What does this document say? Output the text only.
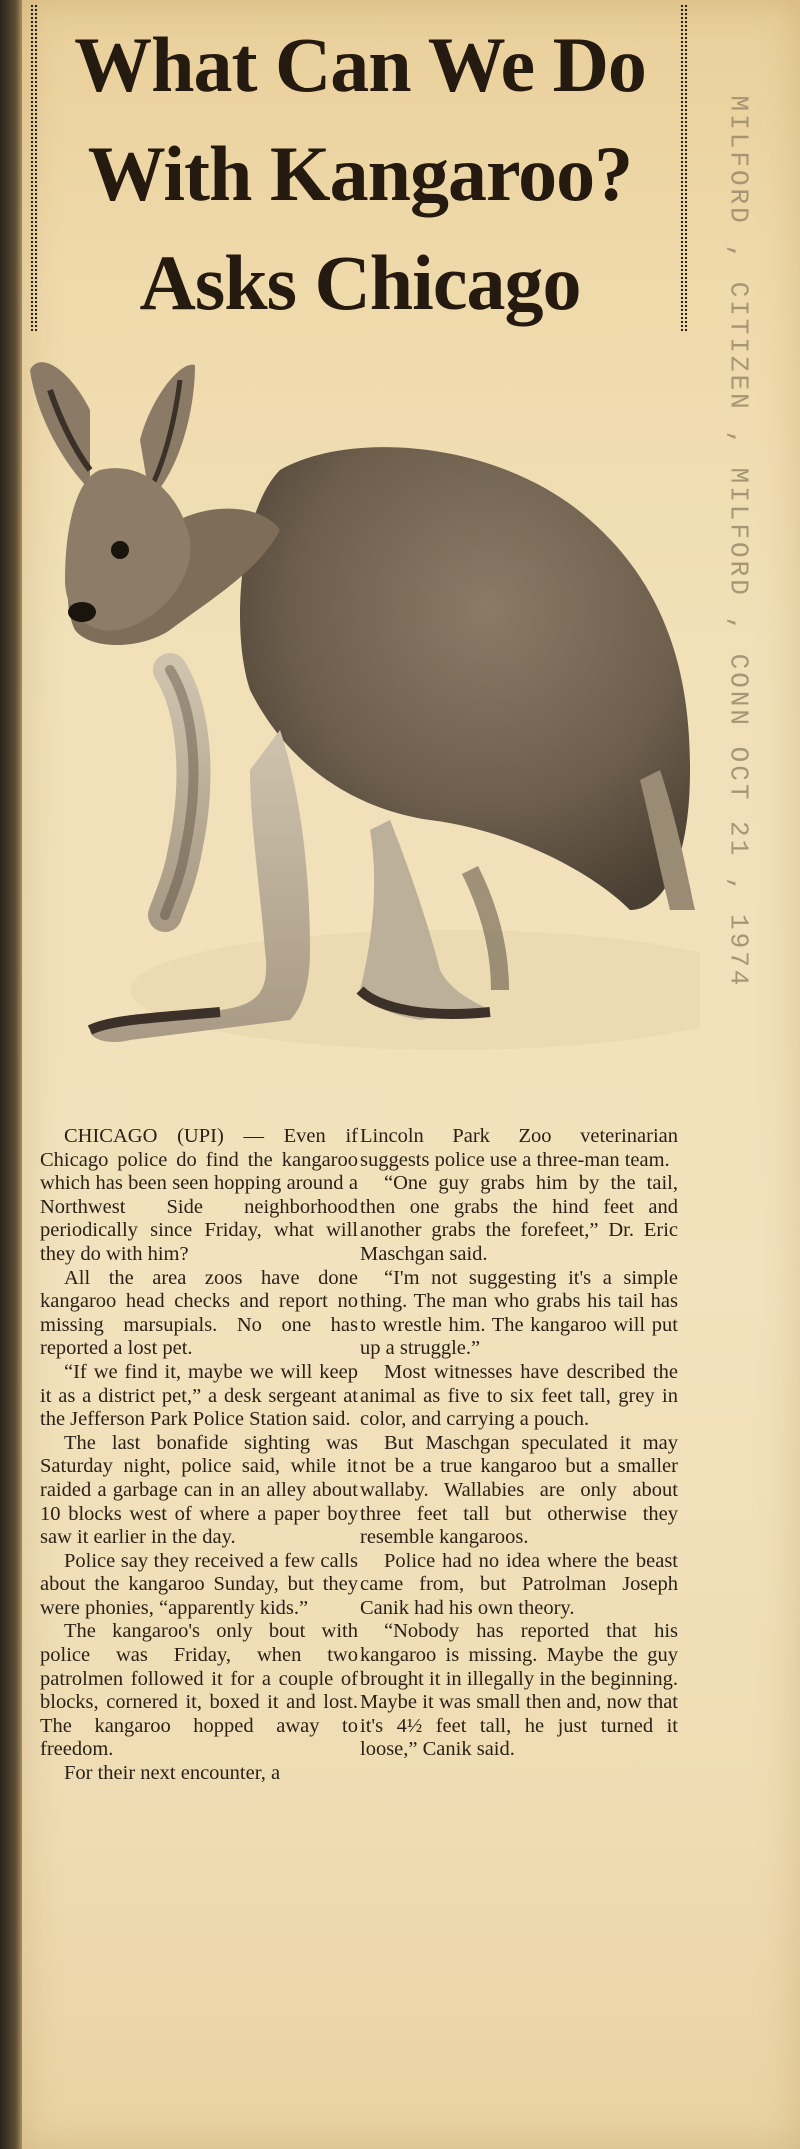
What Can We Do
With Kangaroo?
Asks Chicago	MILFORD , CITIZEN , MILFORD , CONN OCT 21 , 1974

CHICAGO (UPI) — Even if Chicago police do find the kangaroo which has been seen hopping around a Northwest Side neighborhood periodically since Friday, what will they do with him?

All the area zoos have done kangaroo head checks and report no missing marsupials. No one has reported a lost pet.

“If we find it, maybe we will keep it as a district pet,” a desk sergeant at the Jefferson Park Police Station said.

The last bonafide sighting was Saturday night, police said, while it raided a garbage can in an alley about 10 blocks west of where a paper boy saw it earlier in the day.

Police say they received a few calls about the kangaroo Sunday, but they were phonies, “apparently kids.”

The kangaroo's only bout with police was Friday, when two patrolmen followed it for a couple of blocks, cornered it, boxed it and lost. The kangaroo hopped away to freedom.

For their next encounter, a

Lincoln Park Zoo veterinarian suggests police use a three-man team.

“One guy grabs him by the tail, then one grabs the hind feet and another grabs the forefeet,” Dr. Eric Maschgan said.

“I'm not suggesting it's a simple thing. The man who grabs his tail has to wrestle him. The kangaroo will put up a struggle.”

Most witnesses have described the animal as five to six feet tall, grey in color, and carrying a pouch.

But Maschgan speculated it may not be a true kangaroo but a smaller wallaby. Wallabies are only about three feet tall but otherwise they resemble kangaroos.

Police had no idea where the beast came from, but Patrolman Joseph Canik had his own theory.

“Nobody has reported that his kangaroo is missing. Maybe the guy brought it in illegally in the beginning. Maybe it was small then and, now that it's 4½ feet tall, he just turned it loose,” Canik said.
